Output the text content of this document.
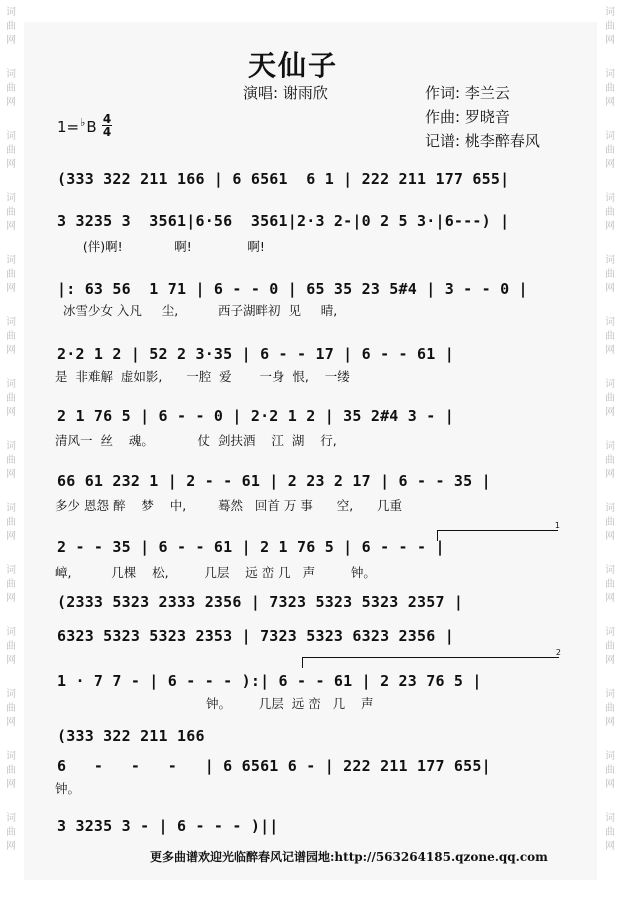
词
曲
网
词
曲
网
词
曲
网
词
曲
网
词
曲
网
词
曲
网
词
曲
网
词
曲
网
词
曲
网
词
曲
网
词
曲
网
词
曲
网
词
曲
网
词
曲
网
词
曲
网
词
曲
网
词
曲
网
词
曲
网
词
曲
网
词
曲
网
词
曲
网
词
曲
网
词
曲
网
词
曲
网
词
曲
网
词
曲
网
词
曲
网
词
曲
网
天仙子
演唱: 谢雨欣	作词: 李兰云
作曲: 罗晓音
记谱: 桃李醉春风
1=♭B 4
4
(333 322 211 166 | 6 6561  6 1 | 222 211 177 655|
3 3235 3  3561|6·56  3561|2·3 2-|0 2 5 3·|6---) |
(伴)啊!             啊!              啊!
|: 63 56  1 71 | 6 - - 0 | 65 35 23 5#4 | 3 - - 0 |
冰雪少女 入凡     尘,          西子湖畔初  见     晴,
2·2 1 2 | 52 2 3·35 | 6 - - 17 | 6 - - 61 |
是  非难解  虚如影,      一腔  爱       一身  恨,    一缕
2 1 76 5 | 6 - - 0 | 2·2 1 2 | 35 2#4 3 - |
清风一  丝    魂。           仗  剑扶酒    江  湖    行,
66 61 232 1 | 2 - - 61 | 2 23 2 17 | 6 - - 35 |
多少 恩怨 醉    梦    中,        蓦然   回首 万 事      空,      几重
2 - - 35 | 6 - - 61 | 2 1 76 5 | 6 - - - |
嶂,          几棵    松,         几层    远 峦 几   声         钟。
(2333 5323 2333 2356 | 7323 5323 5323 2357 |
6323 5323 5323 2353 | 7323 5323 6323 2356 |
1 · 7 7 - | 6 - - - ):| 6 - - 61 | 2 23 76 5 |
钟。       几层  远 峦   几    声
(333 322 211 166
6   -   -   -   | 6 6561 6 - | 222 211 177 655|
钟。
3 3235 3 - | 6 - - - )||
1
2
更多曲谱欢迎光临醉春风记谱园地:http://563264185.qzone.qq.com
